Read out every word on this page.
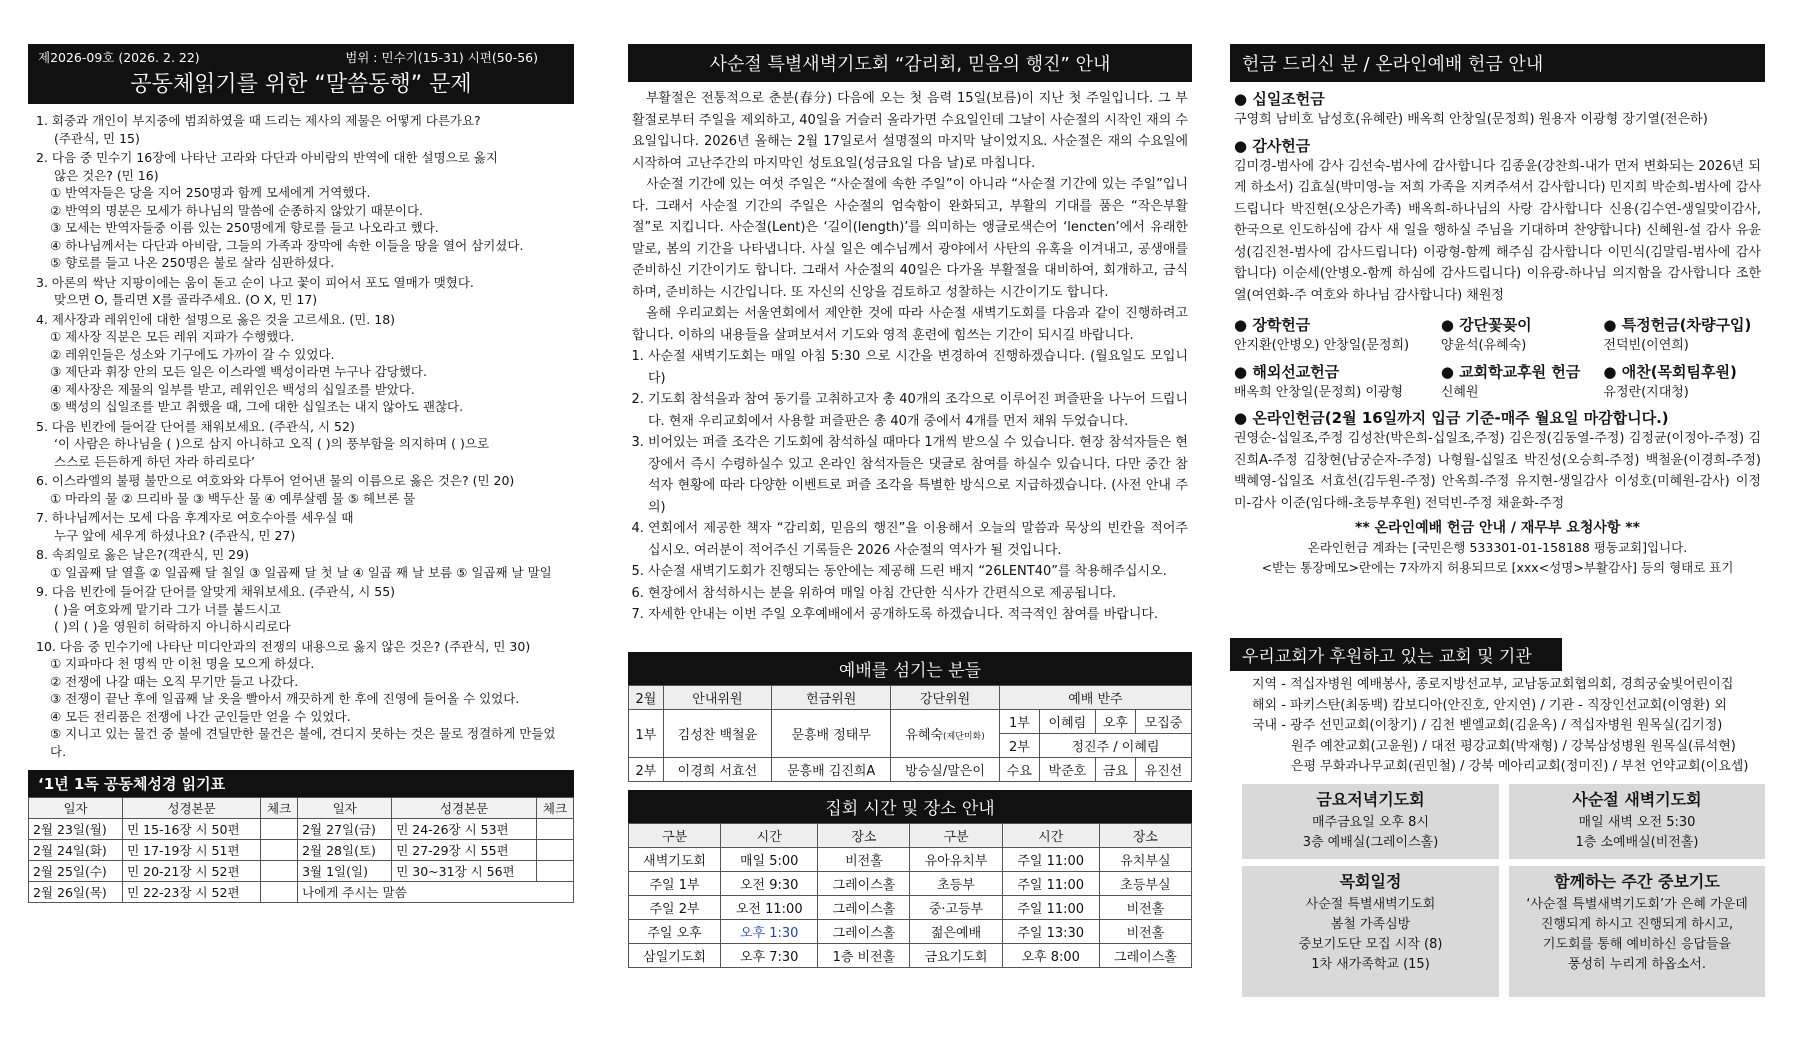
제2026-09호 (2026. 2. 22)	범위 : 민수기(15-31) 시편(50-56)
공동체읽기를 위한 “말씀동행” 문제
1. 회중과 개인이 부지중에 범죄하였을 때 드리는 제사의 제물은 어떻게 다른가요?
(주관식, 민 15)
2. 다음 중 민수기 16장에 나타난 고라와 다단과 아비람의 반역에 대한 설명으로 옳지
않은 것은? (민 16)
① 반역자들은 당을 지어 250명과 함께 모세에게 거역했다.
② 반역의 명분은 모세가 하나님의 말씀에 순종하지 않았기 때문이다.
③ 모세는 반역자들중 이름 있는 250명에게 향로를 들고 나오라고 했다.
④ 하나님께서는 다단과 아비람, 그들의 가족과 장막에 속한 이들을 땅을 열어 삼키셨다.
⑤ 향로를 들고 나온 250명은 불로 살라 심판하셨다.
3. 아론의 싹난 지팡이에는 움이 돋고 순이 나고 꽃이 피어서 포도 열매가 맺혔다.
맞으면 O, 틀리면 X를 골라주세요. (O X, 민 17)
4. 제사장과 레위인에 대한 설명으로 옳은 것을 고르세요. (민. 18)
① 제사장 직분은 모든 레위 지파가 수행했다.
② 레위인들은 성소와 기구에도 가까이 갈 수 있었다.
③ 제단과 휘장 안의 모든 일은 이스라엘 백성이라면 누구나 감당했다.
④ 제사장은 제물의 일부를 받고, 레위인은 백성의 십일조를 받았다.
⑤ 백성의 십일조를 받고 취했을 때, 그에 대한 십일조는 내지 않아도 괜찮다.
5. 다음 빈칸에 들어갈 단어를 채워보세요. (주관식, 시 52)
‘이 사람은 하나님을 ( )으로 삼지 아니하고 오직 ( )의 풍부함을 의지하며 ( )으로
스스로 든든하게 하던 자라 하리로다’
6. 이스라엘의 불평 불만으로 여호와와 다투어 얻어낸 물의 이름으로 옳은 것은? (민 20)
① 마라의 물 ② 므리바 물 ③ 백두산 물 ④ 예루살렘 물 ⑤ 헤브론 물
7. 하나님께서는 모세 다음 후계자로 여호수아를 세우실 때
누구 앞에 세우게 하셨나요? (주관식, 민 27)
8. 속죄일로 옳은 날은?(객관식, 민 29)
① 일곱째 달 열흘 ② 일곱째 달 칠일 ③ 일곱째 달 첫 날 ④ 일곱 째 날 보름 ⑤ 일곱째 날 말일
9. 다음 빈칸에 들어갈 단어를 알맞게 채워보세요. (주관식, 시 55)
( )을 여호와께 맡기라 그가 너를 붙드시고
( )의 ( )을 영원히 허락하지 아니하시리로다
10. 다음 중 민수기에 나타난 미디안과의 전쟁의 내용으로 옳지 않은 것은? (주관식, 민 30)
① 지파마다 천 명씩 만 이천 명을 모으게 하셨다.
② 전쟁에 나갈 때는 오직 무기만 들고 나갔다.
③ 전쟁이 끝난 후에 일곱째 날 옷을 빨아서 깨끗하게 한 후에 진영에 들어올 수 있었다.
④ 모든 전리품은 전쟁에 나간 군인들만 얻을 수 있었다.
⑤ 지니고 있는 물건 중 불에 견딜만한 물건은 불에, 견디지 못하는 것은 물로 정결하게 만들었다.
‘1년 1독 공동체성경 읽기표
일자	성경본문	체크	일자	성경본문	체크
2월 23일(월)	민 15-16장 시 50편		2월 27일(금)	민 24-26장 시 53편	
2월 24일(화)	민 17-19장 시 51편		2월 28일(토)	민 27-29장 시 55편	
2월 25일(수)	민 20-21장 시 52편		3월 1일(일)	민 30~31장 시 56편	
2월 26일(목)	민 22-23장 시 52편		나에게 주시는 말씀		
사순절 특별새벽기도회 “감리회, 믿음의 행진” 안내

부활절은 전통적으로 춘분(春分) 다음에 오는 첫 음력 15일(보름)이 지난 첫 주일입니다. 그 부활절로부터 주일을 제외하고, 40일을 거슬러 올라가면 수요일인데 그날이 사순절의 시작인 재의 수요일입니다. 2026년 올해는 2월 17일로서 설명절의 마지막 날이었지요. 사순절은 재의 수요일에 시작하여 고난주간의 마지막인 성토요일(성금요일 다음 날)로 마칩니다.

사순절 기간에 있는 여섯 주일은 “사순절에 속한 주일”이 아니라 “사순절 기간에 있는 주일”입니다. 그래서 사순절 기간의 주일은 사순절의 엄숙함이 완화되고, 부활의 기대를 품은 “작은부활절”로 지킵니다. 사순절(Lent)은 ‘길이(length)’를 의미하는 앵글로색슨어 ‘lencten’에서 유래한 말로, 봄의 기간을 나타냅니다. 사실 일은 예수님께서 광야에서 사탄의 유혹을 이겨내고, 공생애를 준비하신 기간이기도 합니다. 그래서 사순절의 40일은 다가올 부활절을 대비하여, 회개하고, 금식하며, 준비하는 시간입니다. 또 자신의 신앙을 검토하고 성찰하는 시간이기도 합니다.

올해 우리교회는 서울연회에서 제안한 것에 따라 사순절 새벽기도회를 다음과 같이 진행하려고 합니다. 이하의 내용들을 살펴보셔서 기도와 영적 훈련에 힘쓰는 기간이 되시길 바랍니다.

1. 사순절 새벽기도회는 매일 아침 5:30 으로 시간을 변경하여 진행하겠습니다. (월요일도 모입니다)
2. 기도회 참석을과 참여 동기를 고취하고자 총 40개의 조각으로 이루어진 퍼즐판을 나누어 드립니다. 현재 우리교회에서 사용할 퍼즐판은 총 40개 중에서 4개를 먼저 채워 두었습니다.
3. 비어있는 퍼즐 조각은 기도회에 참석하실 때마다 1개씩 받으실 수 있습니다. 현장 참석자들은 현장에서 즉시 수령하실수 있고 온라인 참석자들은 댓글로 참여를 하실수 있습니다. 다만 중간 참석자 현황에 따라 다양한 이벤트로 퍼즐 조각을 특별한 방식으로 지급하겠습니다. (사전 안내 주의)
4. 연회에서 제공한 책자 “감리회, 믿음의 행진”을 이용해서 오늘의 말씀과 묵상의 빈칸을 적어주십시오. 여러분이 적어주신 기록들은 2026 사순절의 역사가 될 것입니다.
5. 사순절 새벽기도회가 진행되는 동안에는 제공해 드린 배지 “26LENT40”를 착용해주십시오.
6. 현장에서 참석하시는 분을 위하여 매일 아침 간단한 식사가 간편식으로 제공됩니다.
7. 자세한 안내는 이번 주일 오후예배에서 공개하도록 하겠습니다. 적극적인 참여를 바랍니다.
예배를 섬기는 분들
2월	안내위원	헌금위원	강단위원	예배 반주			
1부	김성찬 백철윤	문흥배 정태무	유혜숙(제단미화)	1부	이혜림	오후	모집중
				2부	정진주 / 이혜림		
2부	이경희 서효선	문흥배 김진희A	방승실/말은이	수요	박준호	금요	유진선
집회 시간 및 장소 안내
구분	시간	장소	구분	시간	장소
새벽기도회	매일 5:00	비전홀	유아유치부	주일 11:00	유치부실
주일 1부	오전 9:30	그레이스홀	초등부	주일 11:00	초등부실
주일 2부	오전 11:00	그레이스홀	중·고등부	주일 11:00	비전홀
주일 오후	오후 1:30	그레이스홀	젊은예배	주일 13:30	비전홀
삼일기도회	오후 7:30	1층 비전홀	금요기도회	오후 8:00	그레이스홀
헌금 드리신 분 / 온라인예배 헌금 안내
● 십일조헌금
구영희 남비호 남성호(유혜란) 배옥희 안창일(문정희) 원용자 이광형 장기열(전은하)
● 감사헌금
김미경-범사에 감사 김선숙-범사에 감사합니다 김종윤(강찬희-내가 먼저 변화되는 2026년 되게 하소서) 김효실(박미영-늘 저희 가족을 지켜주셔서 감사합니다) 민지희 박순희-범사에 감사드립니다 박진현(오상은가족) 배옥희-하나님의 사랑 감사합니다 신용(김수연-생일맞이감사, 한국으로 인도하심에 감사 새 일을 행하실 주님을 기대하며 찬양합니다) 신혜원-설 감사 유윤성(김진천-범사에 감사드립니다) 이광형-함께 해주심 감사합니다 이민식(김말림-범사에 감사합니다) 이순세(안병오-함께 하심에 감사드립니다) 이유광-하나님 의지함을 감사합니다 조한열(여연화-주 여호와 하나님 감사합니다) 채원정
● 장학헌금
안지환(안병오) 안창일(문정희)
● 강단꽃꽂이
양윤석(유혜숙)
● 특정헌금(차량구입)
전덕빈(이연희)
● 해외선교헌금
배옥희 안창일(문정희) 이광형
● 교회학교후원 헌금
신혜원
● 애찬(목회팀후원)
유정란(지대청)
● 온라인헌금(2월 16일까지 입금 기준-매주 월요일 마감합니다.)
권영순-십일조,주정 김성찬(박은희-십일조,주정) 김은정(김동열-주정) 김정균(이정아-주정) 김진희A-주정 김창현(남궁순자-주정) 나형월-십일조 박진성(오승희-주정) 백철윤(이경희-주정) 백혜영-십일조 서효선(김두원-주정) 안옥희-주정 유지현-생일감사 이성호(미혜원-감사) 이정미-감사 이준(임다해-초등부후원) 전덕빈-주정 채윤화-주정
** 온라인예배 헌금 안내 / 재무부 요청사항 **
온라인헌금 계좌는 [국민은행 533301-01-158188 평동교회]입니다.
<받는 통장메모>란에는 7자까지 허용되므로 [xxx<성명>부활감사] 등의 형태로 표기
우리교회가 후원하고 있는 교회 및 기관
지역 - 적십자병원 예배봉사, 종로지방선교부, 교남동교회협의회, 경희궁숲빛어린이집
해외 - 파키스탄(최동백) 캄보디아(안진호, 안지연) / 기관 - 직장인선교회(이영환) 외
국내 - 광주 선민교회(이창기) / 김천 벧엘교회(김윤옥) / 적십자병원 원목실(김기정)
원주 예찬교회(고윤원) / 대전 평강교회(박재형) / 강북삼성병원 원목실(류석현)
은평 무화과나무교회(권민철) / 강북 메아리교회(정미진) / 부천 언약교회(이요셉)
금요저녁기도회
매주금요일 오후 8시
3층 예배실(그레이스홀)
사순절 새벽기도회
매일 새벽 오전 5:30
1층 소예배실(비전홀)
목회일정
사순절 특별새벽기도회
봄철 가족심방
중보기도단 모집 시작 (8)
1차 새가족학교 (15)
함께하는 주간 중보기도
‘사순절 특별새벽기도회’가 은혜 가운데
진행되게 하시고 진행되게 하시고,
기도회를 통해 예비하신 응답들을
풍성히 누리게 하옵소서.
